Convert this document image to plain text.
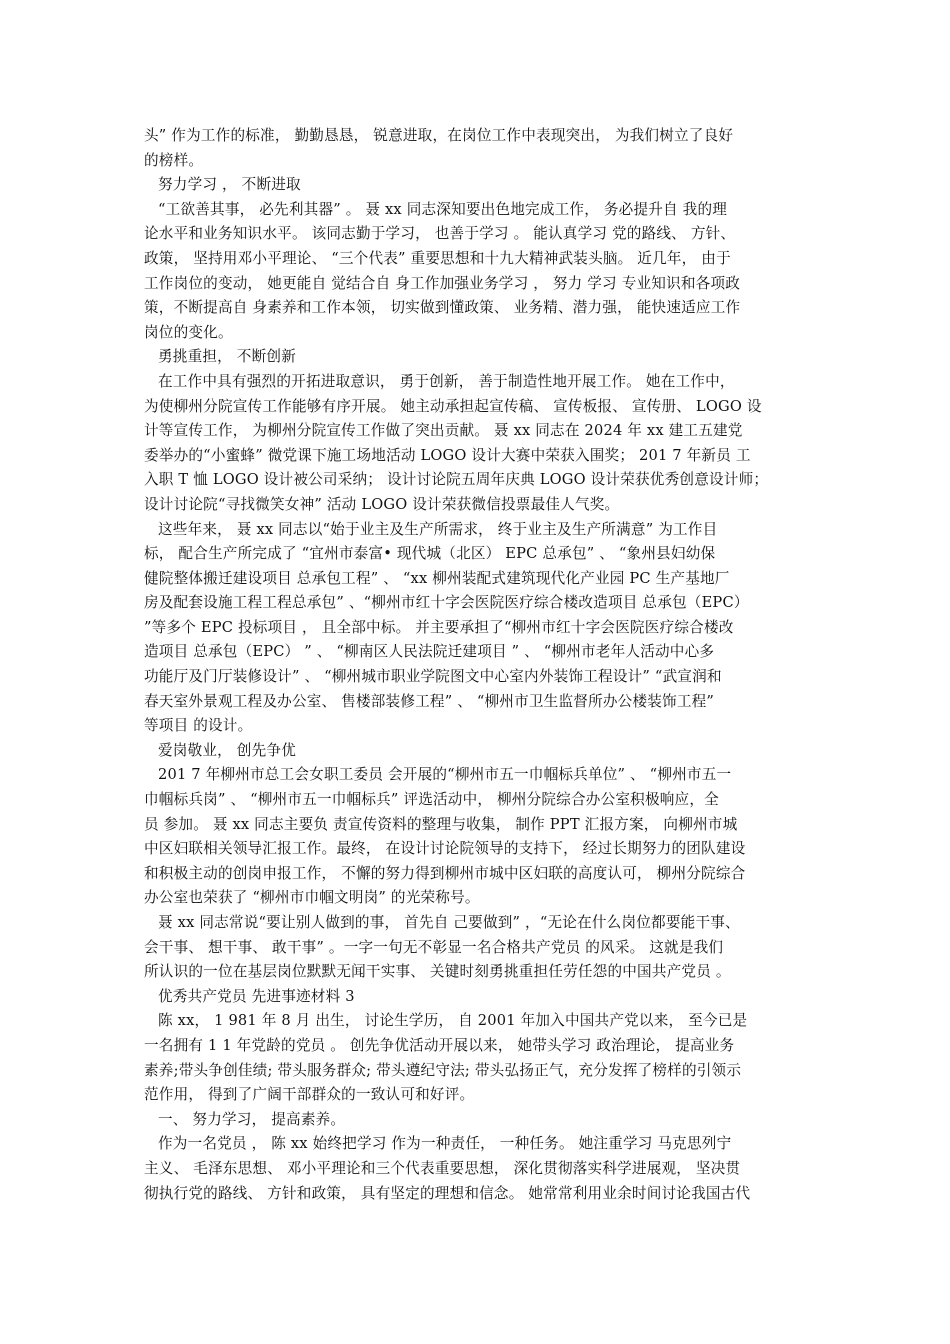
头” 作为工作的标准， 勤勤恳恳， 锐意进取，在岗位工作中表现突出， 为我们树立了良好
的榜样。
努力学习 ， 不断进取
“工欲善其事， 必先利其器” 。 聂 xx 同志深知要出色地完成工作， 务必提升自 我的理
论水平和业务知识水平。 该同志勤于学习， 也善于学习 。 能认真学习 党的路线、 方针、
政策， 坚持用邓小平理论、 “三个代表” 重要思想和十九大精神武装头脑。 近几年， 由于
工作岗位的变动， 她更能自 觉结合自 身工作加强业务学习 ， 努力 学习 专业知识和各项政
策，不断提高自 身素养和工作本领， 切实做到懂政策、 业务精、潜力强， 能快速适应工作
岗位的变化。
勇挑重担， 不断创新
在工作中具有强烈的开拓进取意识， 勇于创新， 善于制造性地开展工作。 她在工作中，
为使柳州分院宣传工作能够有序开展。 她主动承担起宣传稿、 宣传板报、 宣传册、 LOGO 设
计等宣传工作， 为柳州分院宣传工作做了突出贡献。 聂 xx 同志在 2024 年 xx 建工五建党
委举办的“小蜜蜂” 微党课下施工场地活动 LOGO 设计大赛中荣获入围奖； 201 7 年新员 工
入职 T 恤 LOGO 设计被公司采纳； 设计讨论院五周年庆典 LOGO 设计荣获优秀创意设计师；
设计讨论院“寻找微笑女神” 活动 LOGO 设计荣获微信投票最佳人气奖。
这些年来， 聂 xx 同志以“始于业主及生产所需求， 终于业主及生产所满意” 为工作目
标， 配合生产所完成了 “宜州市泰富• 现代城（北区） EPC 总承包” 、 “象州县妇幼保
健院整体搬迁建设项目 总承包工程” 、 “xx 柳州装配式建筑现代化产业园 PC 生产基地厂
房及配套设施工程工程总承包” 、“柳州市红十字会医院医疗综合楼改造项目 总承包（EPC）
”等多个 EPC 投标项目 ， 且全部中标。 并主要承担了“柳州市红十字会医院医疗综合楼改
造项目 总承包（EPC） ” 、 “柳南区人民法院迁建项目 ” 、 “柳州市老年人活动中心多
功能厅及门厅装修设计” 、 “柳州城市职业学院图文中心室内外装饰工程设计” “武宣润和
春天室外景观工程及办公室、 售楼部装修工程” 、 “柳州市卫生监督所办公楼装饰工程”
等项目 的设计。
爱岗敬业， 创先争优
201 7 年柳州市总工会女职工委员 会开展的“柳州市五一巾帼标兵单位” 、 “柳州市五一
巾帼标兵岗” 、 “柳州市五一巾帼标兵” 评选活动中， 柳州分院综合办公室积极响应，全
员 参加。 聂 xx 同志主要负 责宣传资料的整理与收集， 制作 PPT 汇报方案， 向柳州市城
中区妇联相关领导汇报工作。最终， 在设计讨论院领导的支持下， 经过长期努力的团队建设
和积极主动的创岗申报工作， 不懈的努力得到柳州市城中区妇联的高度认可， 柳州分院综合
办公室也荣获了 “柳州市巾帼文明岗” 的光荣称号。
聂 xx 同志常说“要让别人做到的事， 首先自 己要做到” ，“无论在什么岗位都要能干事、
会干事、 想干事、 敢干事” 。一字一句无不彰显一名合格共产党员 的风采。 这就是我们
所认识的一位在基层岗位默默无闻干实事、 关键时刻勇挑重担任劳任怨的中国共产党员 。
优秀共产党员 先进事迹材料 3
陈 xx， 1 981 年 8 月 出生， 讨论生学历， 自 2001 年加入中国共产党以来， 至今已是
一名拥有 1 1 年党龄的党员 。 创先争优活动开展以来， 她带头学习 政治理论， 提高业务
素养;带头争创佳绩; 带头服务群众; 带头遵纪守法; 带头弘扬正气，充分发挥了榜样的引领示
范作用， 得到了广阔干部群众的一致认可和好评。
一、 努力学习， 提高素养。
作为一名党员 ， 陈 xx 始终把学习 作为一种责任， 一种任务。 她注重学习 马克思列宁
主义、 毛泽东思想、 邓小平理论和三个代表重要思想， 深化贯彻落实科学进展观， 坚决贯
彻执行党的路线、 方针和政策， 具有坚定的理想和信念。 她常常利用业余时间讨论我国古代
